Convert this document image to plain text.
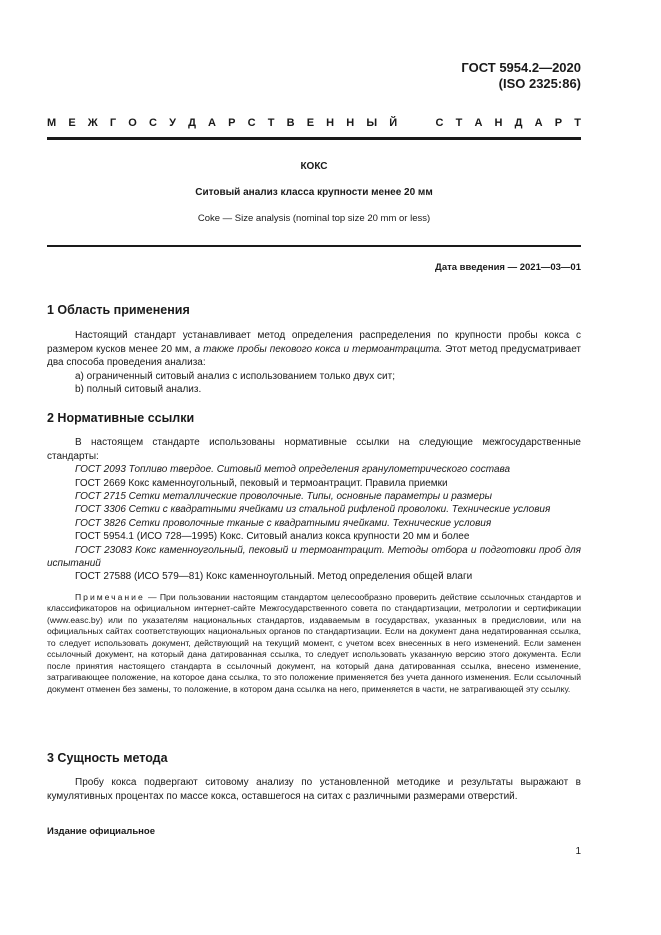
ГОСТ 5954.2—2020
(ISO 2325:86)
М Е Ж Г О С У Д А Р С Т В Е Н Н Ы Й	С Т А Н Д А Р Т
КОКС
Ситовый анализ класса крупности менее 20 мм
Coke — Size analysis (nominal top size 20 mm or less)
Дата введения — 2021—03—01

1 Область применения

Настоящий стандарт устанавливает метод определения распределения по крупности пробы кокса с размером кусков менее 20 мм, а также пробы пекового кокса и термоантрацита. Этот метод предусматривает два способа проведения анализа:

a) ограниченный ситовый анализ с использованием только двух сит;

b) полный ситовый анализ.

2 Нормативные ссылки

В настоящем стандарте использованы нормативные ссылки на следующие межгосударственные стандарты:

ГОСТ 2093 Топливо твердое. Ситовый метод определения гранулометрического состава

ГОСТ 2669 Кокс каменноугольный, пековый и термоантрацит. Правила приемки

ГОСТ 2715 Сетки металлические проволочные. Типы, основные параметры и размеры

ГОСТ 3306 Сетки с квадратными ячейками из стальной рифленой проволоки. Технические условия

ГОСТ 3826 Сетки проволочные тканые с квадратными ячейками. Технические условия

ГОСТ 5954.1 (ИСО 728—1995) Кокс. Ситовый анализ кокса крупности 20 мм и более

ГОСТ 23083 Кокс каменноугольный, пековый и термоантрацит. Методы отбора и подготовки проб для испытаний

ГОСТ 27588 (ИСО 579—81) Кокс каменноугольный. Метод определения общей влаги

Примечание — При пользовании настоящим стандартом целесообразно проверить действие ссылочных стандартов и классификаторов на официальном интернет-сайте Межгосударственного совета по стандартизации, метрологии и сертификации (www.easc.by) или по указателям национальных стандартов, издаваемым в государствах, указанных в предисловии, или на официальных сайтах соответствующих национальных органов по стандартизации. Если на документ дана недатированная ссылка, то следует использовать документ, действующий на текущий момент, с учетом всех внесенных в него изменений. Если заменен ссылочный документ, на который дана датированная ссылка, то следует использовать указанную версию этого документа. Если после принятия настоящего стандарта в ссылочный документ, на который дана датированная ссылка, внесено изменение, затрагивающее положение, на которое дана ссылка, то это положение применяется без учета данного изменения. Если ссылочный документ отменен без замены, то положение, в котором дана ссылка на него, применяется в части, не затрагивающей эту ссылку.

3 Сущность метода

Пробу кокса подвергают ситовому анализу по установленной методике и результаты выражают в кумулятивных процентах по массе кокса, оставшегося на ситах с различными размерами отверстий.

Издание официальное
1
